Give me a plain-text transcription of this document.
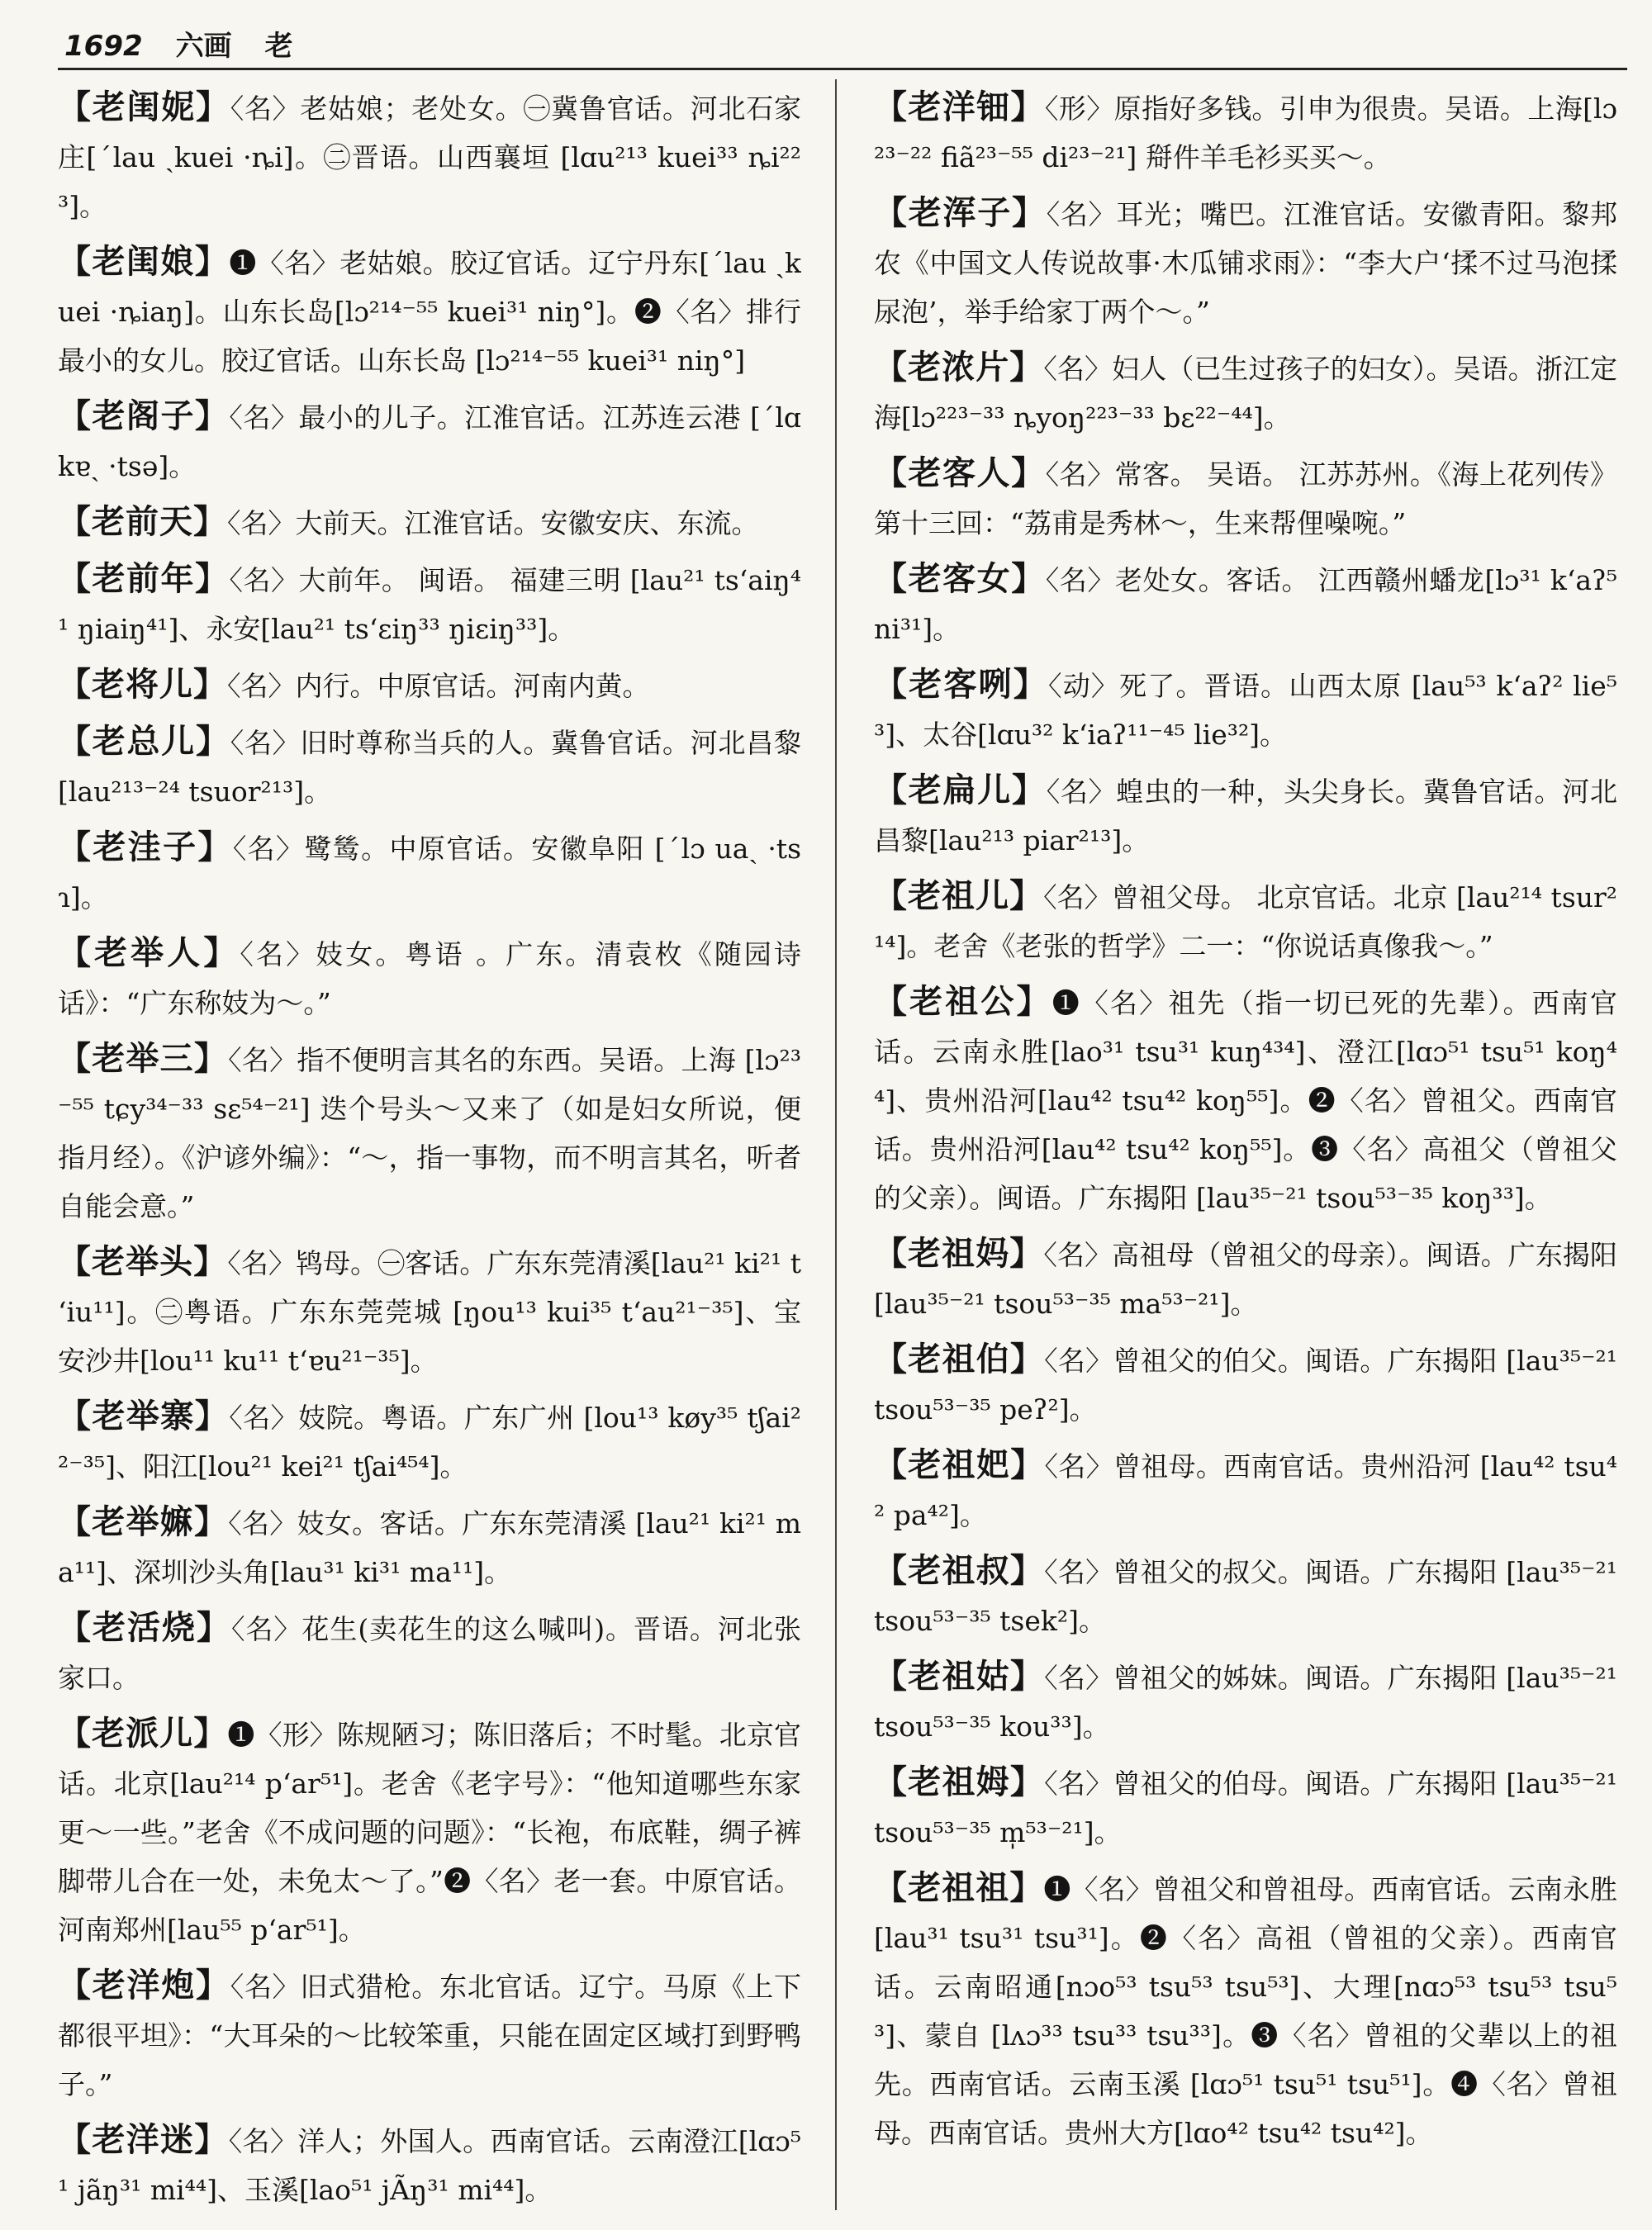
1692 六画 老

【老闺妮】〈名〉老姑娘；老处女。㊀冀鲁官话。河北石家庄[ˊlau ˏkuei ·ȵi]。㊁晋语。山西襄垣 [lɑu²¹³ kuei³³ ȵi²²³]。

【老闺娘】❶〈名〉老姑娘。胶辽官话。辽宁丹东[ˊlau ˏkuei ·ȵiaŋ]。山东长岛[lɔ²¹⁴⁻⁵⁵ kuei³¹ niŋ°]。❷〈名〉排行最小的女儿。胶辽官话。山东长岛 [lɔ²¹⁴⁻⁵⁵ kuei³¹ niŋ°]

【老阁子】〈名〉最小的儿子。江淮官话。江苏连云港 [ˊlɑ kɐˎ ·tsə]。

【老前天】〈名〉大前天。江淮官话。安徽安庆、东流。

【老前年】〈名〉大前年。 闽语。 福建三明 [lau²¹ tsʻaiŋ⁴¹ ŋiaiŋ⁴¹]、永安[lau²¹ tsʻɛiŋ³³ ŋiɛiŋ³³]。

【老将儿】〈名〉内行。中原官话。河南内黄。

【老总儿】〈名〉旧时尊称当兵的人。冀鲁官话。河北昌黎[lau²¹³⁻²⁴ tsuor²¹³]。

【老洼子】〈名〉鹭鸶。中原官话。安徽阜阳 [ˊlɔ uaˎ ·tsɿ]。

【老举人】〈名〉妓女。粤语 。广东。清袁枚《随园诗话》：“广东称妓为～。”

【老举三】〈名〉指不便明言其名的东西。吴语。上海 [lɔ²³⁻⁵⁵ tɕy³⁴⁻³³ sɛ⁵⁴⁻²¹] 迭个号头～又来了（如是妇女所说，便指月经）。《沪谚外编》：“～，指一事物，而不明言其名，听者自能会意。”

【老举头】〈名〉鸨母。㊀客话。广东东莞清溪[lau²¹ ki²¹ tʻiu¹¹]。㊁粤语。广东东莞莞城 [ŋou¹³ kui³⁵ tʻau²¹⁻³⁵]、宝安沙井[lou¹¹ ku¹¹ tʻɐu²¹⁻³⁵]。

【老举寨】〈名〉妓院。粤语。广东广州 [lou¹³ køy³⁵ tʃai²²⁻³⁵]、阳江[lou²¹ kei²¹ tʃai⁴⁵⁴]。

【老举嫲】〈名〉妓女。客话。广东东莞清溪 [lau²¹ ki²¹ ma¹¹]、深圳沙头角[lau³¹ ki³¹ ma¹¹]。

【老活烧】〈名〉花生(卖花生的这么喊叫)。晋语。河北张家口。

【老派儿】❶〈形〉陈规陋习；陈旧落后；不时髦。北京官话。北京[lau²¹⁴ pʻar⁵¹]。老舍《老字号》：“他知道哪些东家更～一些。”老舍《不成问题的问题》：“长袍，布底鞋，绸子裤脚带儿合在一处，未免太～了。”❷〈名〉老一套。中原官话。河南郑州[lau⁵⁵ pʻar⁵¹]。

【老洋炮】〈名〉旧式猎枪。东北官话。辽宁。马原《上下都很平坦》：“大耳朵的～比较笨重，只能在固定区域打到野鸭子。”

【老洋迷】〈名〉洋人；外国人。西南官话。云南澄江[lɑɔ⁵¹ jãŋ³¹ mi⁴⁴]、玉溪[lao⁵¹ jÃŋ³¹ mi⁴⁴]。

【老洋钿】〈形〉原指好多钱。引申为很贵。吴语。上海[lɔ²³⁻²² fiã²³⁻⁵⁵ di²³⁻²¹] 搿件羊毛衫买买～。

【老浑子】〈名〉耳光；嘴巴。江淮官话。安徽青阳。黎邦农《中国文人传说故事·木瓜铺求雨》：“李大户‘揉不过马泡揉尿泡’，举手给家丁两个～。”

【老浓片】〈名〉妇人（已生过孩子的妇女）。吴语。浙江定海[lɔ²²³⁻³³ ȵyoŋ²²³⁻³³ bɛ²²⁻⁴⁴]。

【老客人】〈名〉常客。 吴语。 江苏苏州。《海上花列传》第十三回：“荔甫是秀林～，生来帮俚噪啘。”

【老客女】〈名〉老处女。客话。 江西赣州蟠龙[lɔ³¹ kʻaʔ⁵ ni³¹]。

【老客咧】〈动〉死了。晋语。山西太原 [lau⁵³ kʻaʔ² lie⁵³]、太谷[lɑu³² kʻiaʔ¹¹⁻⁴⁵ lie³²]。

【老扁儿】〈名〉蝗虫的一种，头尖身长。冀鲁官话。河北昌黎[lau²¹³ piar²¹³]。

【老祖儿】〈名〉曾祖父母。 北京官话。北京 [lau²¹⁴ tsur²¹⁴]。老舍《老张的哲学》二一：“你说话真像我～。”

【老祖公】❶〈名〉祖先（指一切已死的先辈）。西南官话。云南永胜[lao³¹ tsu³¹ kuŋ⁴³⁴]、澄江[lɑɔ⁵¹ tsu⁵¹ koŋ⁴⁴]、贵州沿河[lau⁴² tsu⁴² koŋ⁵⁵]。❷〈名〉曾祖父。西南官话。贵州沿河[lau⁴² tsu⁴² koŋ⁵⁵]。❸〈名〉高祖父（曾祖父的父亲）。闽语。广东揭阳 [lau³⁵⁻²¹ tsou⁵³⁻³⁵ koŋ³³]。

【老祖妈】〈名〉高祖母（曾祖父的母亲）。闽语。广东揭阳 [lau³⁵⁻²¹ tsou⁵³⁻³⁵ ma⁵³⁻²¹]。

【老祖伯】〈名〉曾祖父的伯父。闽语。广东揭阳 [lau³⁵⁻²¹ tsou⁵³⁻³⁵ peʔ²]。

【老祖妑】〈名〉曾祖母。西南官话。贵州沿河 [lau⁴² tsu⁴² pa⁴²]。

【老祖叔】〈名〉曾祖父的叔父。闽语。广东揭阳 [lau³⁵⁻²¹ tsou⁵³⁻³⁵ tsek²]。

【老祖姑】〈名〉曾祖父的姊妹。闽语。广东揭阳 [lau³⁵⁻²¹ tsou⁵³⁻³⁵ kou³³]。

【老祖姆】〈名〉曾祖父的伯母。闽语。广东揭阳 [lau³⁵⁻²¹ tsou⁵³⁻³⁵ m̩⁵³⁻²¹]。

【老祖祖】❶〈名〉曾祖父和曾祖母。西南官话。云南永胜[lau³¹ tsu³¹ tsu³¹]。❷〈名〉高祖（曾祖的父亲）。西南官话。云南昭通[nɔo⁵³ tsu⁵³ tsu⁵³]、大理[nɑɔ⁵³ tsu⁵³ tsu⁵³]、蒙自 [lʌɔ³³ tsu³³ tsu³³]。❸〈名〉曾祖的父辈以上的祖先。西南官话。云南玉溪 [lɑɔ⁵¹ tsu⁵¹ tsu⁵¹]。❹〈名〉曾祖母。西南官话。贵州大方[lɑo⁴² tsu⁴² tsu⁴²]。
